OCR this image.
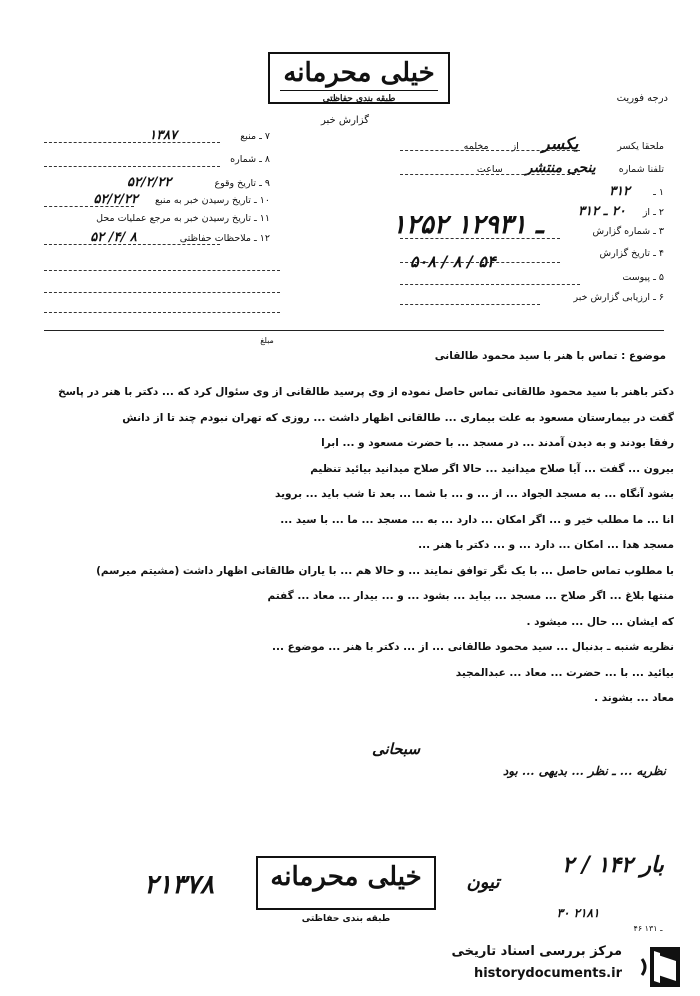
خیلی محرمانه
طبقه بندی حفاظتی	درجه فوریت
گزارش خبر
۷ ـ منبع ۱۳۸۷
۸ ـ شماره
۹ ـ تاریخ وقوع ۵۲/۲/۲۲
۱۰ ـ تاریخ رسیدن خبر به منبع ۵۲/۲/۲۲
۱۱ ـ تاریخ رسیدن خبر به مرجع عملیات محل
۱۲ ـ ملاحظات حفاظتی ۸ /۴/ ۵۲
ملحقا یکسر یکسر از مخلمه
تلفنا شماره ینحی منتشر ساعت
۱ ـ ۳۱۲
۲ ـ از ۲۰ ـ ۳۱۲
۳ ـ شماره گزارش
۴ ـ تاریخ گزارش
۵ ـ پیوست
۶ ـ ارزیابی گزارش خبر
۱۲۵۲ ـ ۱۲۹۳۱
۵۰۸ / ۸ / ۵۴
مبلغ
موضوع : تماس با هنر با سید محمود طالقانی

دکتر باهنر با سید محمود طالقانی تماس حاصل نموده از وی پرسید طالقانی از وی سئوال کرد که ... دکتر با هنر در پاسخ

گفت در بیمارستان مسعود به علت بیماری ... طالقانی اظهار داشت ... روزی که تهران نبودم چند تا از دانش

رفقا بودند و به دیدن آمدند ... در مسجد ... با حضرت مسعود و ... ابرا

بیرون ... گفت ... آیا صلاح میدانید ... حالا اگر صلاح میدانید بیائید تنظیم

بشود آنگاه ... به مسجد الجواد ... از ... و ... با شما ... بعد تا شب باید ... بروید

انا ... ما مطلب خیر و ... اگر امکان ... دارد ... به ... مسجد ... ما ... با سید ...

مسجد هدا ... امکان ... دارد ... و ... دکتر با هنر ...

با مطلوب تماس حاصل ... با یک نگر توافق نمایند ... و حالا هم ... با یاران طالقانی اظهار داشت (مشیتم میرسم)

منتها بلاغ ... اگر صلاح ... مسجد ... بیاید ... بشود ... و ... بیدار ... معاد ... گفتم

که ایشان ... حال ... میشود .

نظریه شنبه ـ بدنبال ... سید محمود طالقانی ... از ... دکتر با هنر ... موضوع ...

بیائید ... با ... حضرت ... معاد ... عبدالمجید

معاد ... بشوند .

سبحانی
نظریه ... ـ نظر ... بدیهی ... بود
خیلی محرمانه
طبقه بندی حفاظتی
۲۱۳۷۸	تیون
بار ۱۴۲ / ۲
۳۰ ۲۱۸۱
۴۶ ـ ۱۳۱
مرکز بررسی اسناد تاریخی
historydocuments.ir
